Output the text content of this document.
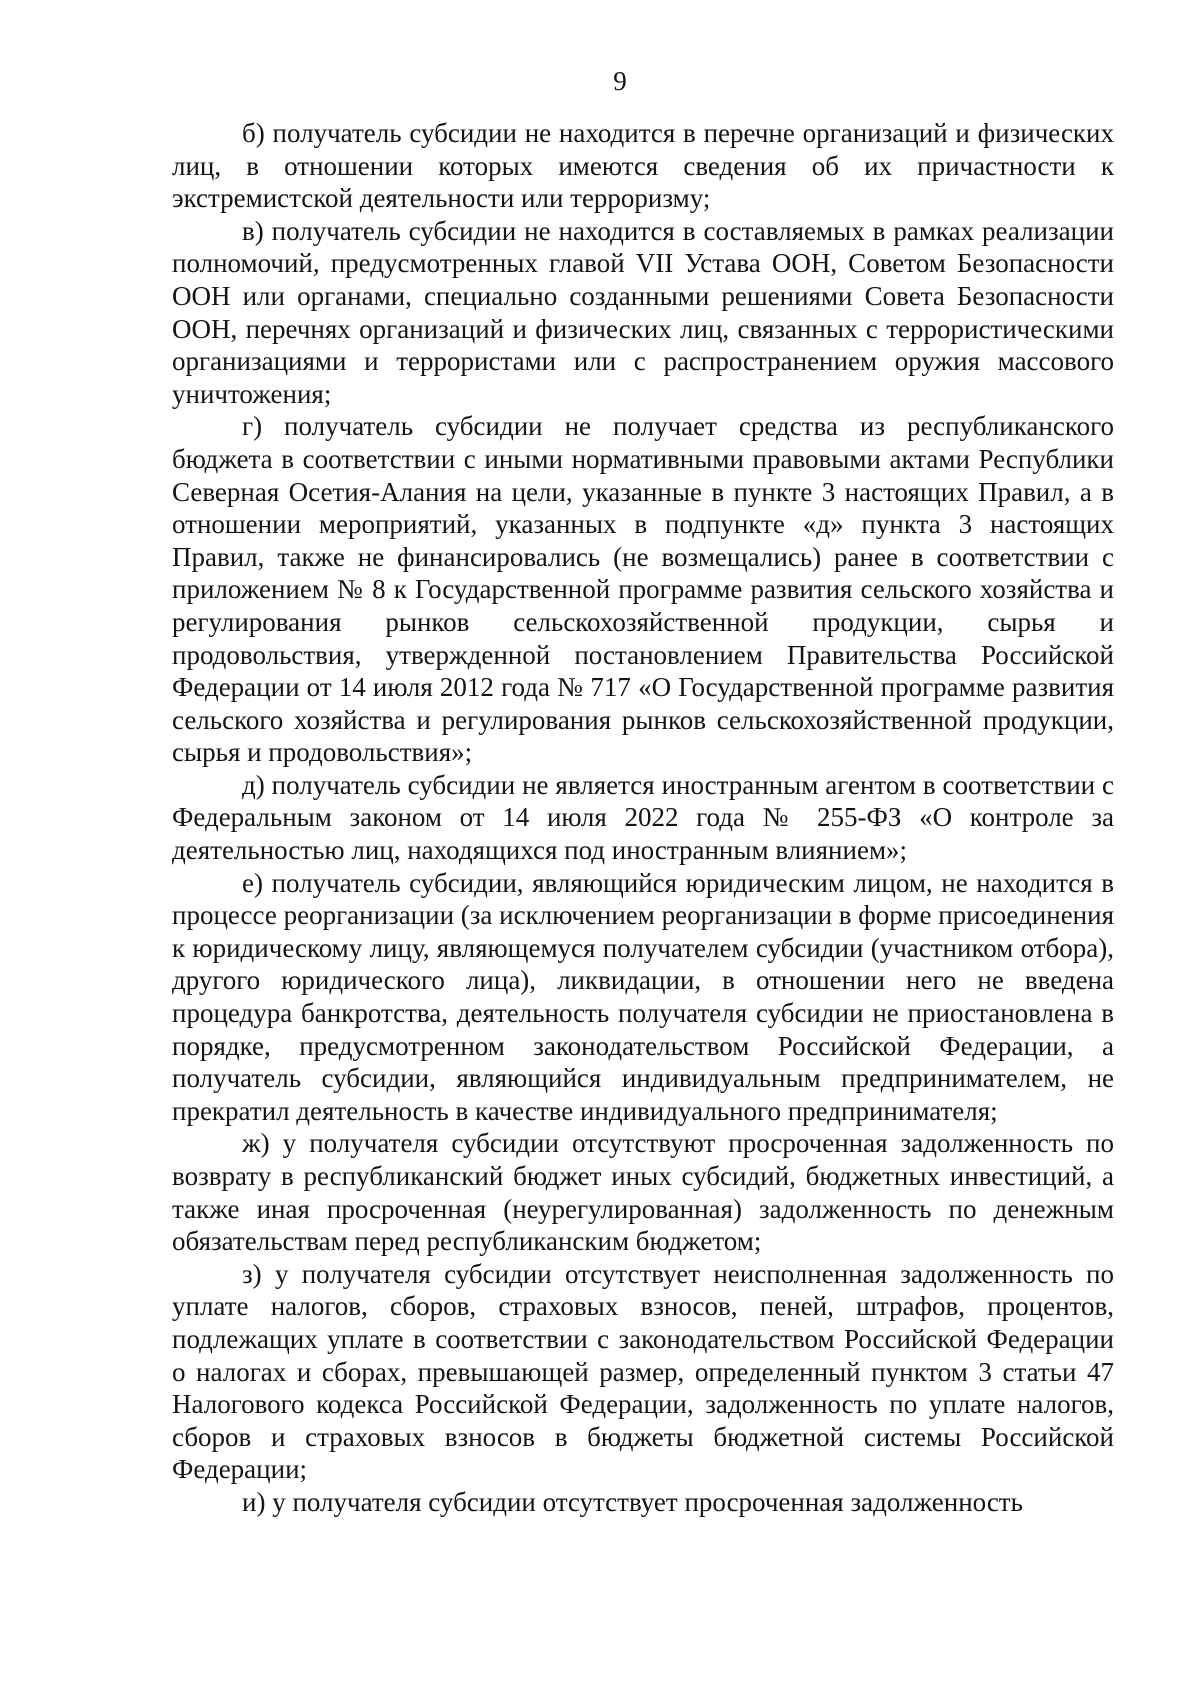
9

б) получатель субсидии не находится в перечне организаций и физических лиц, в отношении которых имеются сведения об их причастности к экстремистской деятельности или терроризму;

в) получатель субсидии не находится в составляемых в рамках реализации полномочий, предусмотренных главой VII Устава ООН, Советом Безопасности ООН или органами, специально созданными решениями Совета Безопасности ООН, перечнях организаций и физических лиц, связанных с террористическими организациями и террористами или с распространением оружия массового уничтожения;

г) получатель субсидии не получает средства из республиканского бюджета в соответствии с иными нормативными правовыми актами Республики Северная Осетия-Алания на цели, указанные в пункте 3 настоящих Правил, а в отношении мероприятий, указанных в подпункте «д» пункта 3 настоящих Правил, также не финансировались (не возмещались) ранее в соответствии с приложением № 8 к Государственной программе развития сельского хозяйства и регулирования рынков сельскохозяйственной продукции, сырья и продовольствия, утвержденной постановлением Правительства Российской Федерации от 14 июля 2012 года № 717 «О Государственной программе развития сельского хозяйства и регулирования рынков сельскохозяйственной продукции, сырья и продовольствия»;

д) получатель субсидии не является иностранным агентом в соответствии с Федеральным законом от 14 июля 2022 года № 255-ФЗ «О контроле за деятельностью лиц, находящихся под иностранным влиянием»;

е) получатель субсидии, являющийся юридическим лицом, не находится в процессе реорганизации (за исключением реорганизации в форме присоединения к юридическому лицу, являющемуся получателем субсидии (участником отбора), другого юридического лица), ликвидации, в отношении него не введена процедура банкротства, деятельность получателя субсидии не приостановлена в порядке, предусмотренном законодательством Российской Федерации, а получатель субсидии, являющийся индивидуальным предпринимателем, не прекратил деятельность в качестве индивидуального предпринимателя;

ж) у получателя субсидии отсутствуют просроченная задолженность по возврату в республиканский бюджет иных субсидий, бюджетных инвестиций, а также иная просроченная (неурегулированная) задолженность по денежным обязательствам перед республиканским бюджетом;

з) у получателя субсидии отсутствует неисполненная задолженность по уплате налогов, сборов, страховых взносов, пеней, штрафов, процентов, подлежащих уплате в соответствии с законодательством Российской Федерации о налогах и сборах, превышающей размер, определенный пунктом 3 статьи 47 Налогового кодекса Российской Федерации, задолженность по уплате налогов, сборов и страховых взносов в бюджеты бюджетной системы Российской Федерации;

и) у получателя субсидии отсутствует просроченная задолженность
